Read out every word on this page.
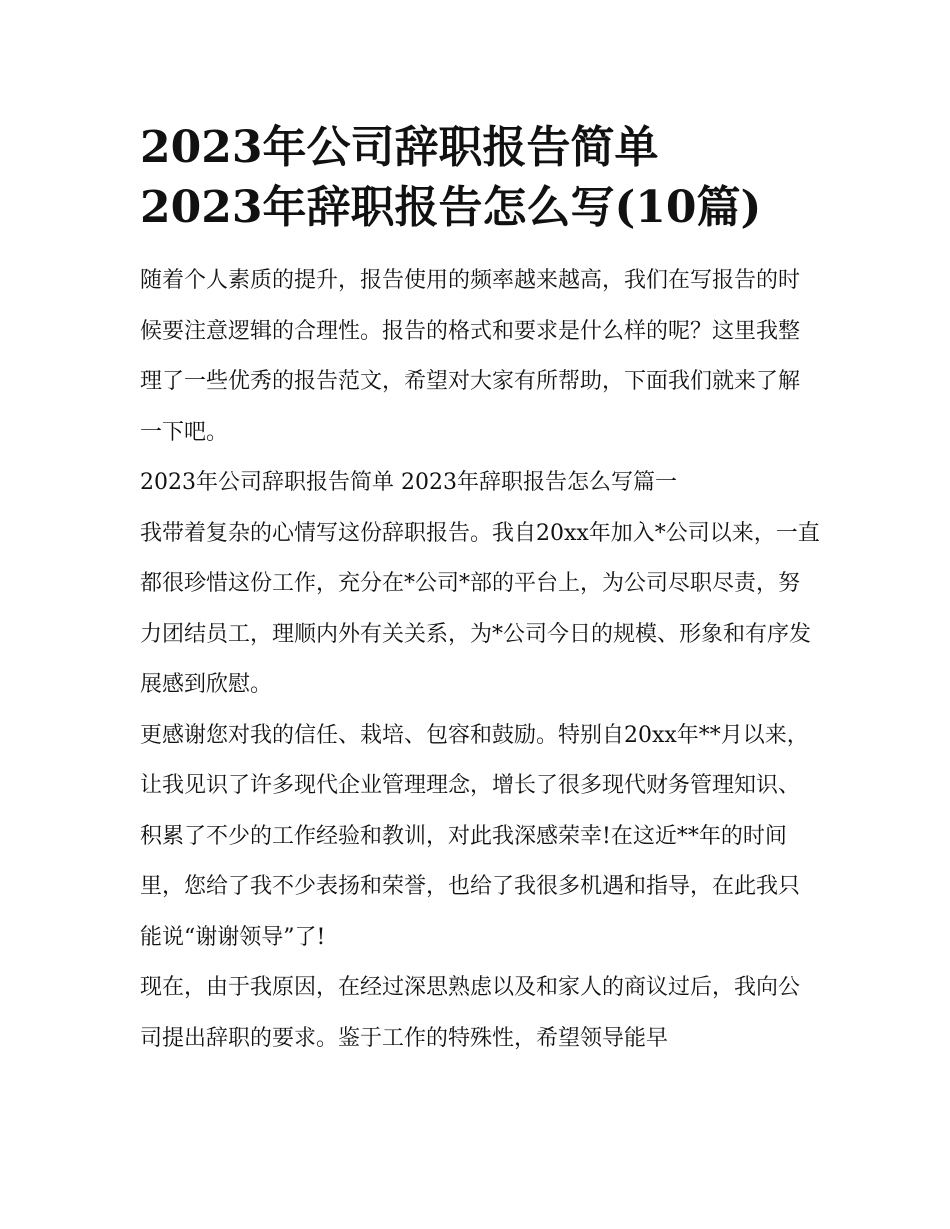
2023年公司辞职报告简单
2023年辞职报告怎么写(10篇)

随着个人素质的提升，报告使用的频率越来越高，我们在写报告的时候要注意逻辑的合理性。报告的格式和要求是什么样的呢？这里我整理了一些优秀的报告范文，希望对大家有所帮助，下面我们就来了解一下吧。

2023年公司辞职报告简单 2023年辞职报告怎么写篇一

我带着复杂的心情写这份辞职报告。我自20xx年加入*公司以来，一直都很珍惜这份工作，充分在*公司*部的平台上，为公司尽职尽责，努力团结员工，理顺内外有关关系，为*公司今日的规模、形象和有序发展感到欣慰。

更感谢您对我的信任、栽培、包容和鼓励。特别自20xx年**月以来，让我见识了许多现代企业管理理念，增长了很多现代财务管理知识、积累了不少的工作经验和教训，对此我深感荣幸!在这近**年的时间里，您给了我不少表扬和荣誉，也给了我很多机遇和指导，在此我只能说“谢谢领导”了!

现在，由于我原因，在经过深思熟虑以及和家人的商议过后，我向公司提出辞职的要求。鉴于工作的特殊性，希望领导能早
